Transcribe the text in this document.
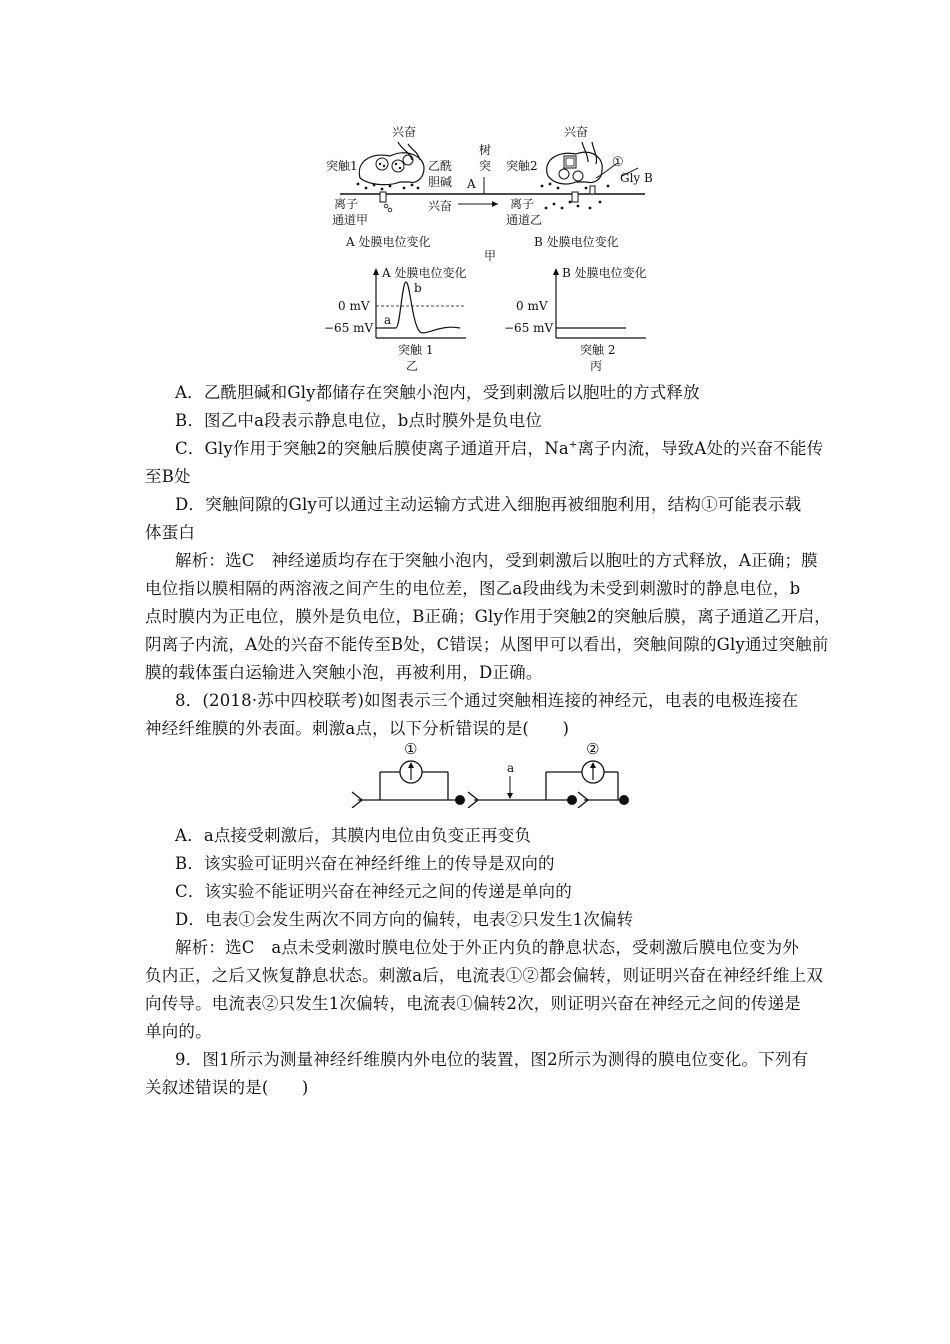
兴奋	兴奋
突触1	突触2
乙酰
胆碱 A
树
突	①
Gly B
离子
通道甲
兴奋	离子
通道乙
A 处膜电位变化	B 处膜电位变化
甲
A 处膜电位变化
0 mV
−65 mV
a
b
突触 1
乙
B 处膜电位变化
0 mV
−65 mV
突触 2
丙
A．乙酰胆碱和Gly都储存在突触小泡内，受到刺激后以胞吐的方式释放
B．图乙中a段表示静息电位，b点时膜外是负电位
C．Gly作用于突触2的突触后膜使离子通道开启，Na+离子内流，导致A处的兴奋不能传
至B处
D．突触间隙的Gly可以通过主动运输方式进入细胞再被细胞利用，结构①可能表示载
体蛋白
解析：选C　神经递质均存在于突触小泡内，受到刺激后以胞吐的方式释放，A正确；膜
电位指以膜相隔的两溶液之间产生的电位差，图乙a段曲线为未受到刺激时的静息电位，b
点时膜内为正电位，膜外是负电位，B正确；Gly作用于突触2的突触后膜，离子通道乙开启，
阴离子内流，A处的兴奋不能传至B处，C错误；从图甲可以看出，突触间隙的Gly通过突触前
膜的载体蛋白运输进入突触小泡，再被利用，D正确。
8．(2018·苏中四校联考)如图表示三个通过突触相连接的神经元，电表的电极连接在
神经纤维膜的外表面。刺激a点，以下分析错误的是(　　)
①
a
②
A．a点接受刺激后，其膜内电位由负变正再变负
B．该实验可证明兴奋在神经纤维上的传导是双向的
C．该实验不能证明兴奋在神经元之间的传递是单向的
D．电表①会发生两次不同方向的偏转，电表②只发生1次偏转
解析：选C　a点未受刺激时膜电位处于外正内负的静息状态，受刺激后膜电位变为外
负内正，之后又恢复静息状态。刺激a后，电流表①②都会偏转，则证明兴奋在神经纤维上双
向传导。电流表②只发生1次偏转，电流表①偏转2次，则证明兴奋在神经元之间的传递是
单向的。
9．图1所示为测量神经纤维膜内外电位的装置，图2所示为测得的膜电位变化。下列有
关叙述错误的是(　　)
